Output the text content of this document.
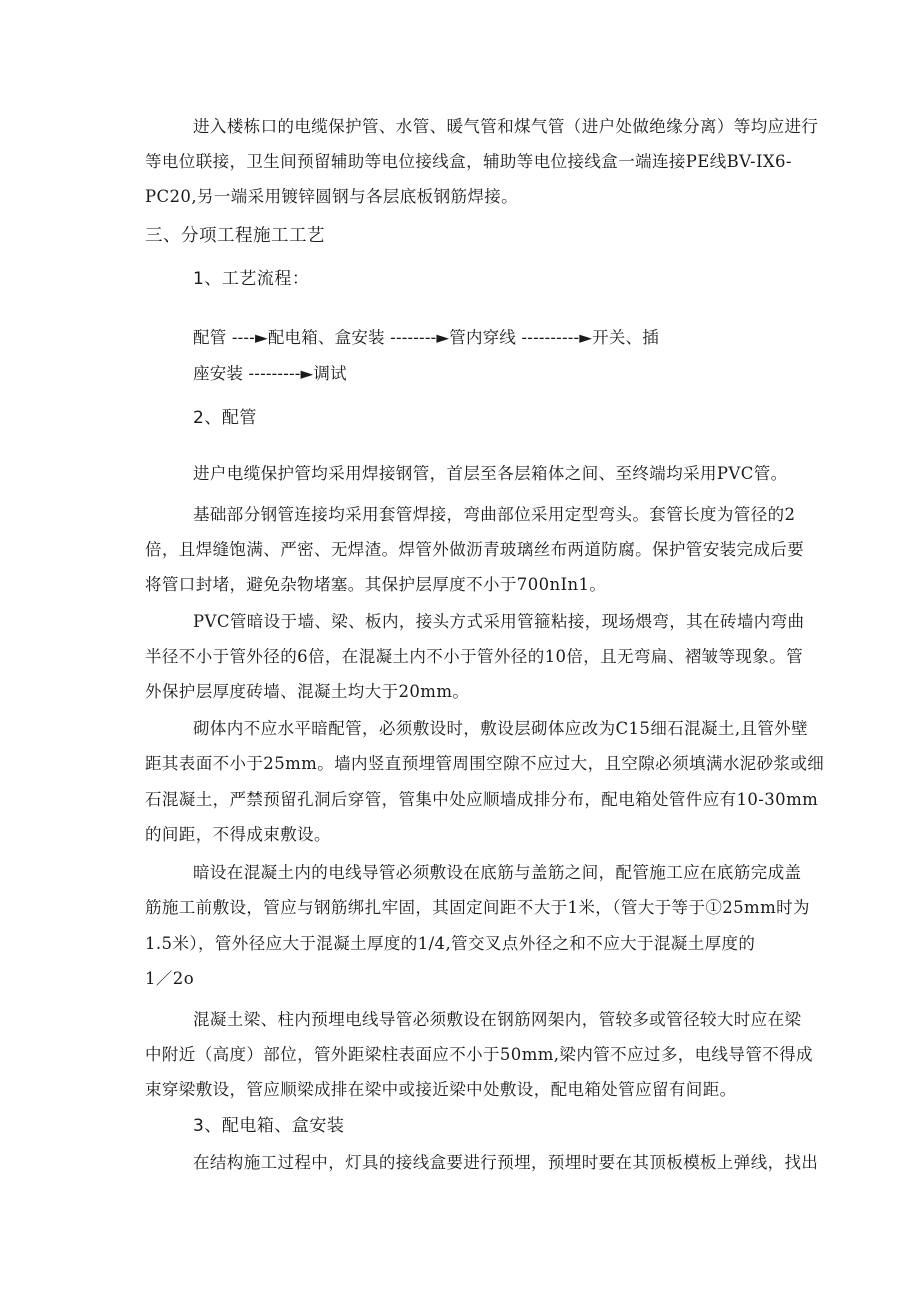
进入楼栋口的电缆保护管、水管、暖气管和煤气管（进户处做绝缘分离）等均应进行
等电位联接，卫生间预留辅助等电位接线盒，辅助等电位接线盒一端连接PE线BV-IX6-
PC20,另一端采用镀锌圆钢与各层底板钢筋焊接。
三、分项工程施工工艺
1、工艺流程：
配管 ----►配电箱、盒安装 --------►管内穿线 ----------►开关、插
座安装 ---------►调试
2、配管
进户电缆保护管均采用焊接钢管，首层至各层箱体之间、至终端均采用PVC管。
基础部分钢管连接均采用套管焊接，弯曲部位采用定型弯头。套管长度为管径的2
倍，且焊缝饱满、严密、无焊渣。焊管外做沥青玻璃丝布两道防腐。保护管安装完成后要
将管口封堵，避免杂物堵塞。其保护层厚度不小于700nIn1。
PVC管暗设于墙、梁、板内，接头方式采用管箍粘接，现场煨弯，其在砖墙内弯曲
半径不小于管外径的6倍，在混凝土内不小于管外径的10倍，且无弯扁、褶皱等现象。管
外保护层厚度砖墙、混凝土均大于20mm。
砌体内不应水平暗配管，必须敷设时，敷设层砌体应改为C15细石混凝土,且管外壁
距其表面不小于25mm。墙内竖直预埋管周围空隙不应过大，且空隙必须填满水泥砂浆或细
石混凝土，严禁预留孔洞后穿管，管集中处应顺墙成排分布，配电箱处管件应有10-30mm
的间距，不得成束敷设。
暗设在混凝土内的电线导管必须敷设在底筋与盖筋之间，配管施工应在底筋完成盖
筋施工前敷设，管应与钢筋绑扎牢固，其固定间距不大于1米，（管大于等于①25mm时为
1.5米），管外径应大于混凝土厚度的1/4,管交叉点外径之和不应大于混凝土厚度的
1／2o
混凝土梁、柱内预埋电线导管必须敷设在钢筋网架内，管较多或管径较大时应在梁
中附近（高度）部位，管外距梁柱表面应不小于50mm,梁内管不应过多，电线导管不得成
束穿梁敷设，管应顺梁成排在梁中或接近梁中处敷设，配电箱处管应留有间距。
3、配电箱、盒安装
在结构施工过程中，灯具的接线盒要进行预埋，预埋时要在其顶板模板上弹线，找出
